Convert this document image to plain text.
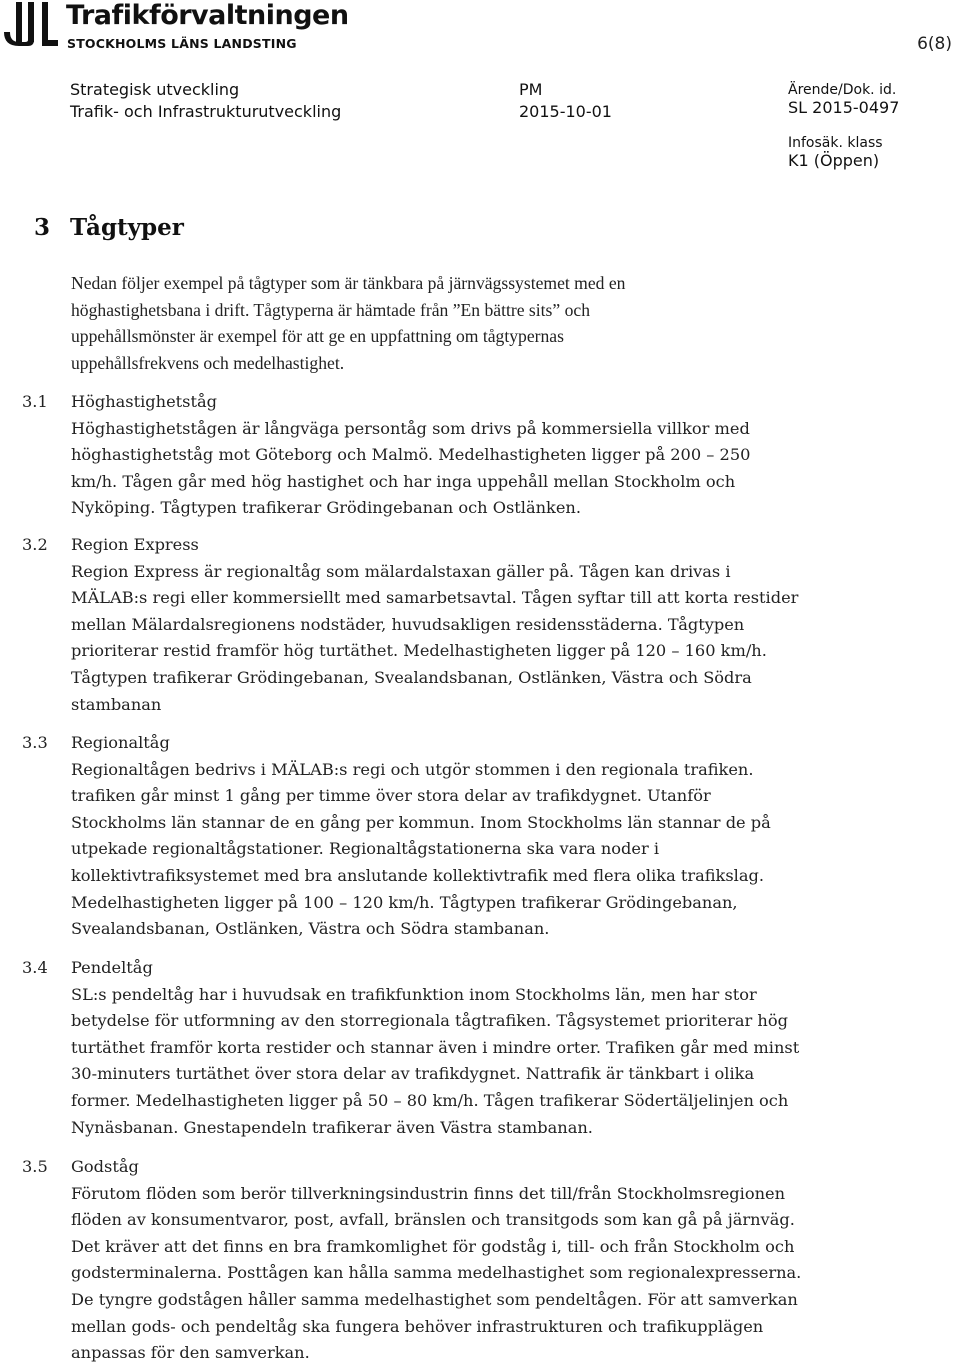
Trafikförvaltningen
STOCKHOLMS LÄNS LANDSTING	6(8)
Strategisk utveckling
Trafik- och Infrastrukturutveckling
PM
2015-10-01
Ärende/Dok. id.
SL 2015-0497
Infosäk. klass
K1 (Öppen)
3 Tågtyper

Nedan följer exempel på tågtyper som är tänkbara på järnvägssystemet med en

höghastighetsbana i drift. Tågtyperna är hämtade från ”En bättre sits” och

uppehållsmönster är exempel för att ge en uppfattning om tågtypernas

uppehållsfrekvens och medelhastighet.

3.1	Höghastighetståg
Höghastighetstågen är långväga persontåg som drivs på kommersiella villkor med
höghastighetståg mot Göteborg och Malmö. Medelhastigheten ligger på 200 – 250
km/h. Tågen går med hög hastighet och har inga uppehåll mellan Stockholm och
Nyköping. Tågtypen trafikerar Grödingebanan och Ostlänken.
3.2	Region Express
Region Express är regionaltåg som mälardalstaxan gäller på. Tågen kan drivas i
MÄLAB:s regi eller kommersiellt med samarbetsavtal. Tågen syftar till att korta restider
mellan Mälardalsregionens nodstäder, huvudsakligen residensstäderna. Tågtypen
prioriterar restid framför hög turtäthet. Medelhastigheten ligger på 120 – 160 km/h.
Tågtypen trafikerar Grödingebanan, Svealandsbanan, Ostlänken, Västra och Södra
stambanan
3.3	Regionaltåg
Regionaltågen bedrivs i MÄLAB:s regi och utgör stommen i den regionala trafiken.
trafiken går minst 1 gång per timme över stora delar av trafikdygnet. Utanför
Stockholms län stannar de en gång per kommun. Inom Stockholms län stannar de på
utpekade regionaltågstationer. Regionaltågstationerna ska vara noder i
kollektivtrafiksystemet med bra anslutande kollektivtrafik med flera olika trafikslag.
Medelhastigheten ligger på 100 – 120 km/h. Tågtypen trafikerar Grödingebanan,
Svealandsbanan, Ostlänken, Västra och Södra stambanan.
3.4	Pendeltåg
SL:s pendeltåg har i huvudsak en trafikfunktion inom Stockholms län, men har stor
betydelse för utformning av den storregionala tågtrafiken. Tågsystemet prioriterar hög
turtäthet framför korta restider och stannar även i mindre orter. Trafiken går med minst
30-minuters turtäthet över stora delar av trafikdygnet. Nattrafik är tänkbart i olika
former. Medelhastigheten ligger på 50 – 80 km/h. Tågen trafikerar Södertäljelinjen och
Nynäsbanan. Gnestapendeln trafikerar även Västra stambanan.
3.5	Godståg
Förutom flöden som berör tillverkningsindustrin finns det till/från Stockholmsregionen
flöden av konsumentvaror, post, avfall, bränslen och transitgods som kan gå på järnväg.
Det kräver att det finns en bra framkomlighet för godståg i, till- och från Stockholm och
godsterminalerna. Posttågen kan hålla samma medelhastighet som regionalexpresserna.
De tyngre godstågen håller samma medelhastighet som pendeltågen. För att samverkan
mellan gods- och pendeltåg ska fungera behöver infrastrukturen och trafikupplägen
anpassas för den samverkan.
